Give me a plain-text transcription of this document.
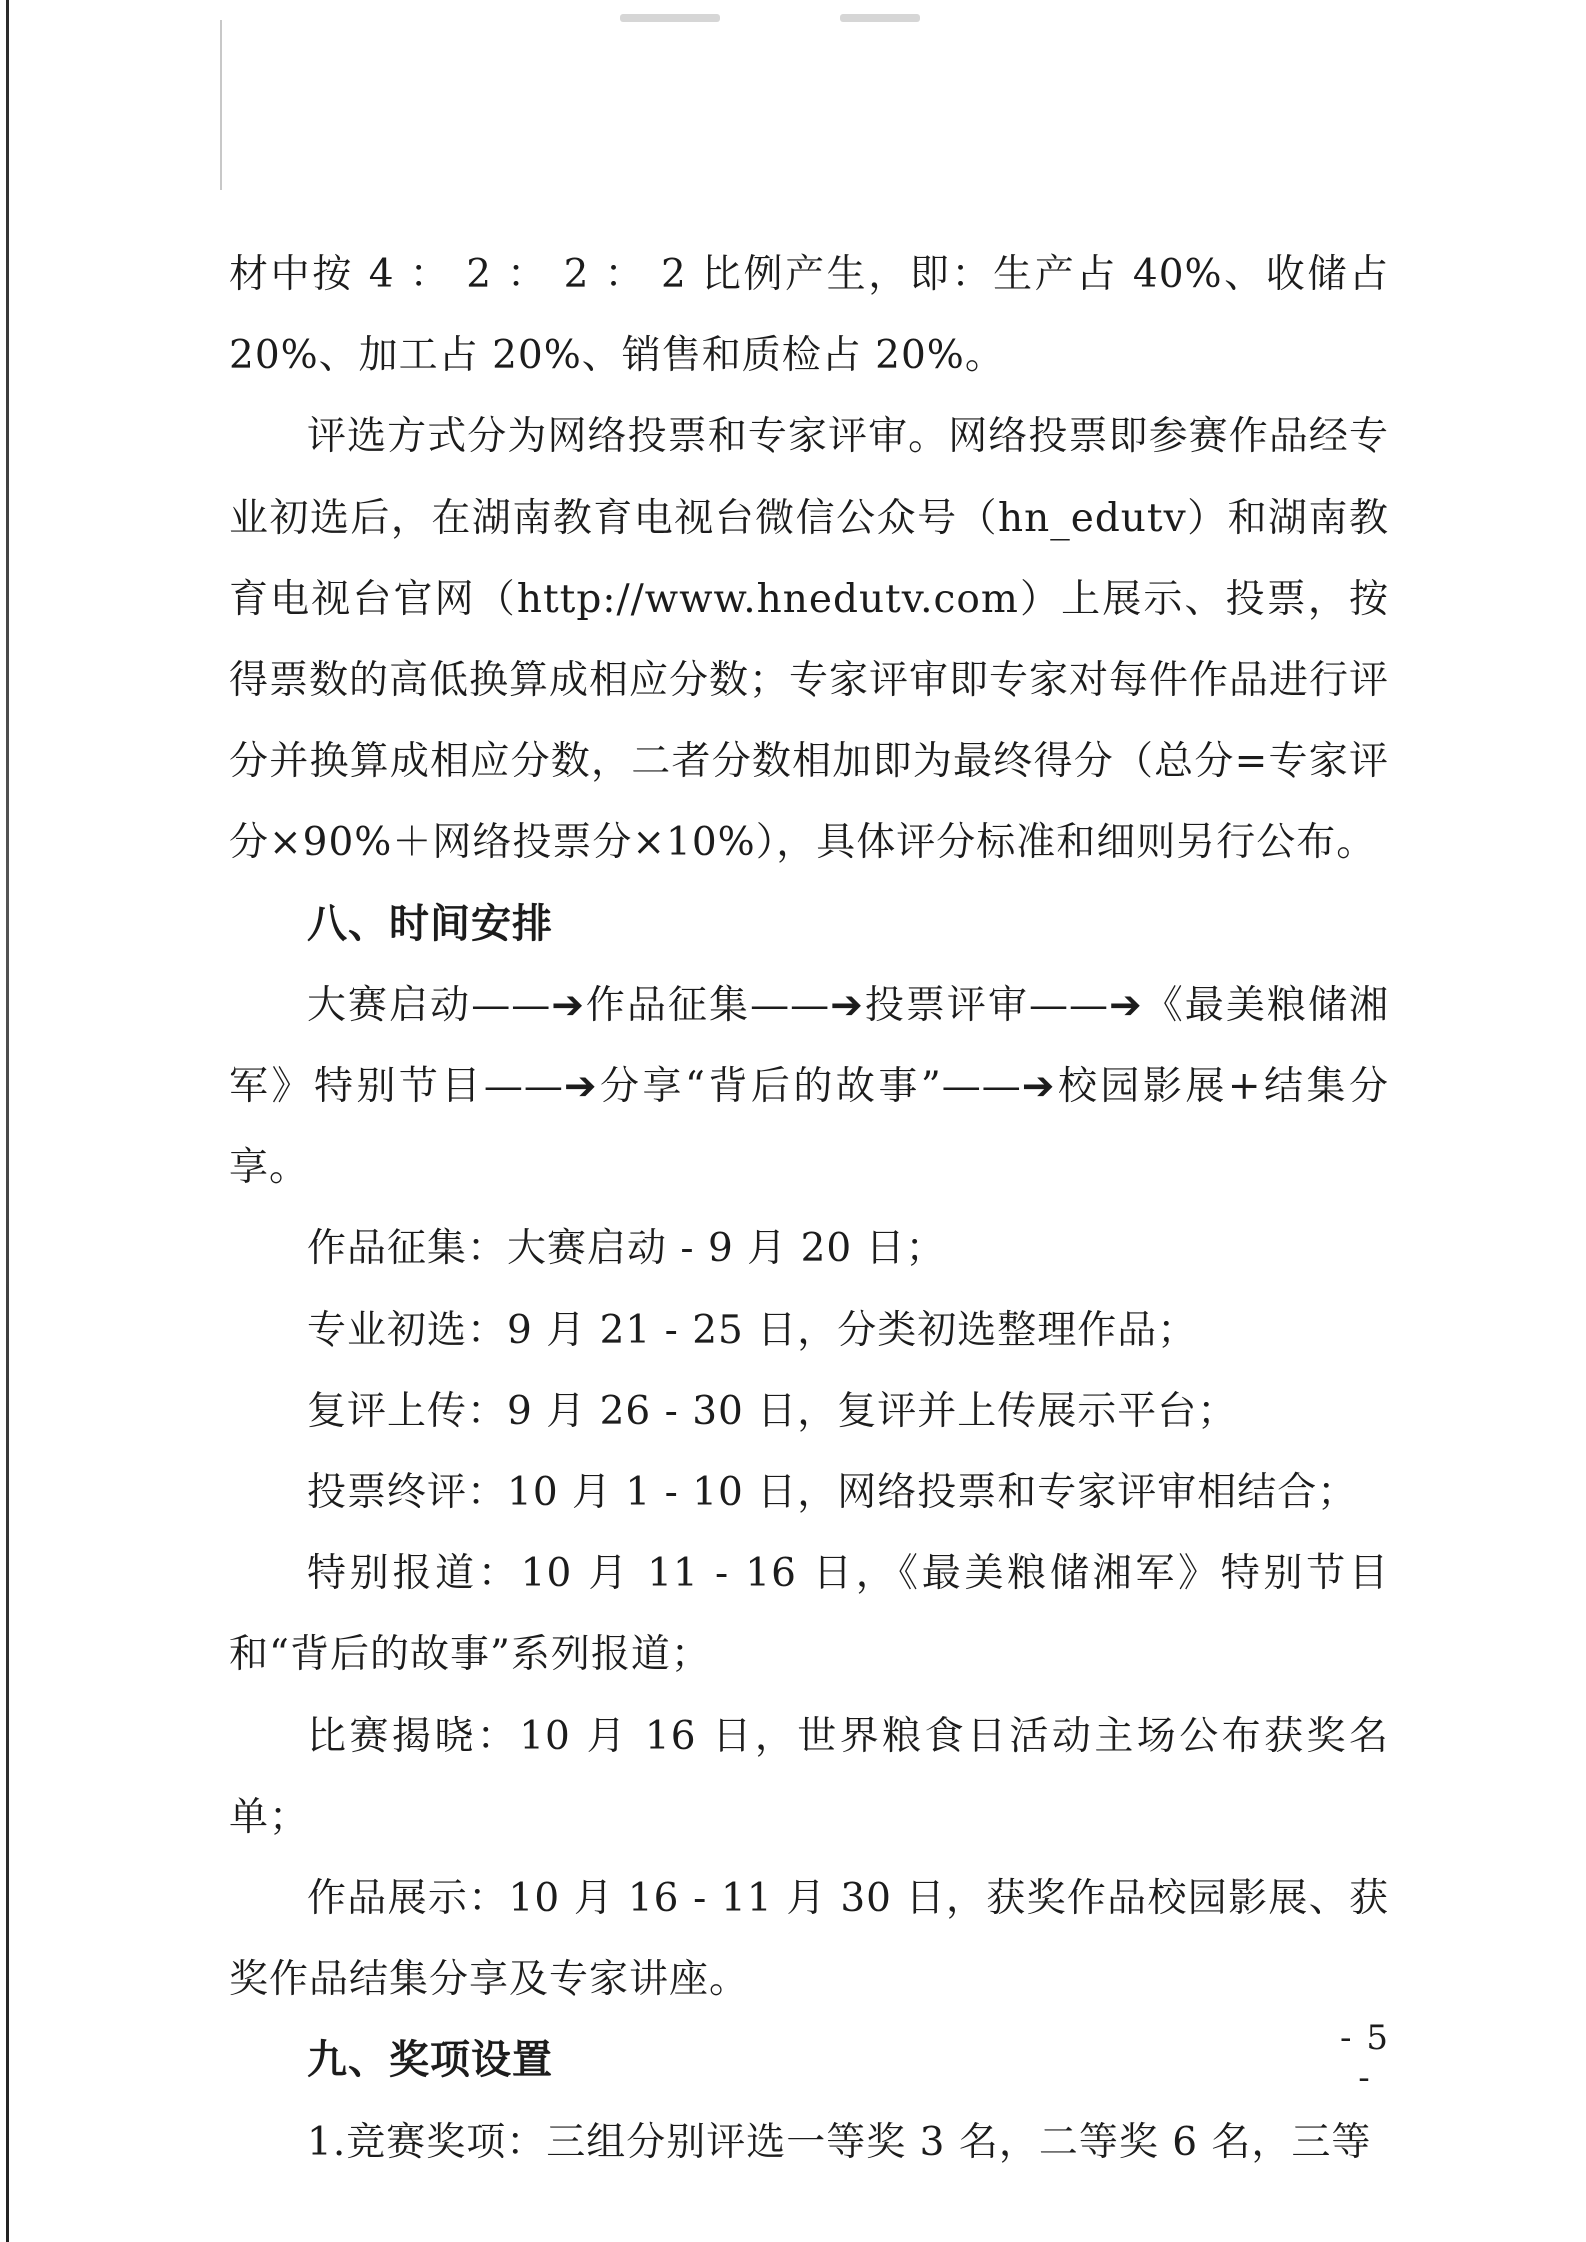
材中按 4 ： 2 ： 2 ： 2 比例产生，即：生产占 40%、收储占 20%、加工占 20%、销售和质检占 20%。

评选方式分为网络投票和专家评审。网络投票即参赛作品经专业初选后，在湖南教育电视台微信公众号（hn_edutv）和湖南教育电视台官网（http://www.hnedutv.com）上展示、投票，按得票数的高低换算成相应分数；专家评审即专家对每件作品进行评分并换算成相应分数，二者分数相加即为最终得分（总分=专家评分×90%＋网络投票分×10%），具体评分标准和细则另行公布。

八、时间安排

大赛启动——➔作品征集——➔投票评审——➔《最美粮储湘军》特别节目——➔分享“背后的故事”——➔校园影展+结集分享。

作品征集：大赛启动 - 9 月 20 日；

专业初选：9 月 21 - 25 日，分类初选整理作品；

复评上传：9 月 26 - 30 日，复评并上传展示平台；

投票终评：10 月 1 - 10 日，网络投票和专家评审相结合；

特别报道：10 月 11 - 16 日，《最美粮储湘军》特别节目和“背后的故事”系列报道；

比赛揭晓：10 月 16 日，世界粮食日活动主场公布获奖名单；

作品展示：10 月 16 - 11 月 30 日，获奖作品校园影展、获奖作品结集分享及专家讲座。

九、奖项设置

1.竞赛奖项：三组分别评选一等奖 3 名，二等奖 6 名，三等

- 5 -
